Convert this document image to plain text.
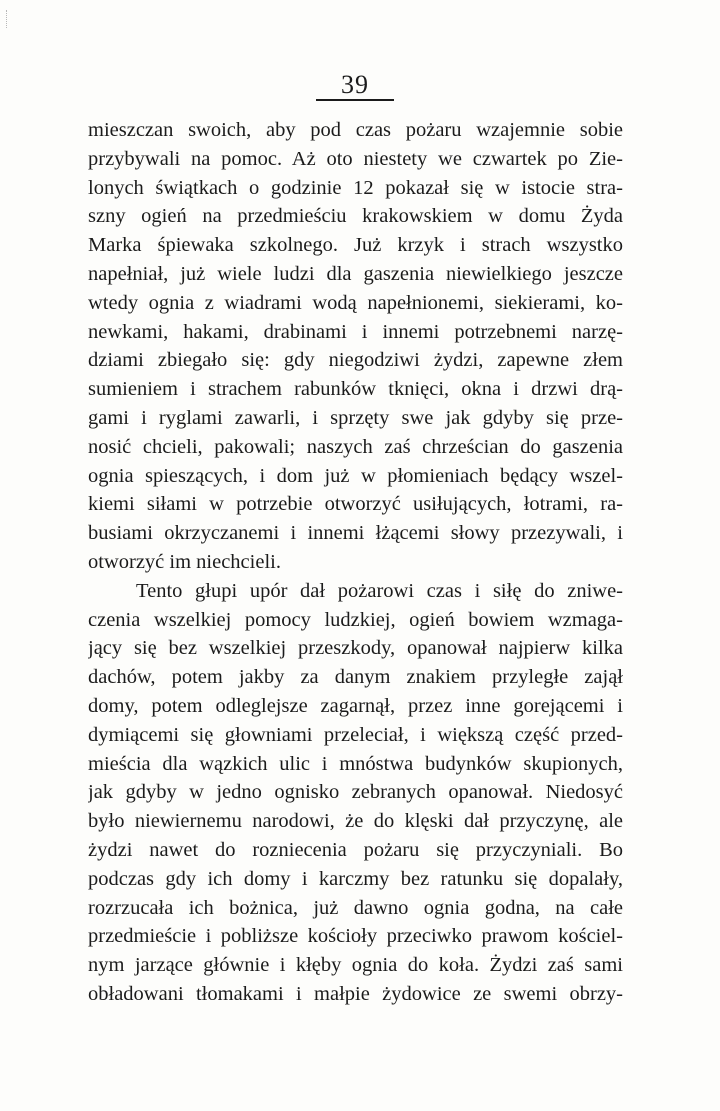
39
mieszczan swoich, aby pod czas pożaru wzajemnie sobie
przybywali na pomoc. Aż oto niestety we czwartek po Zie-
lonych świątkach o godzinie 12 pokazał się w istocie stra-
szny ogień na przedmieściu krakowskiem w domu Żyda
Marka śpiewaka szkolnego. Już krzyk i strach wszystko
napełniał, już wiele ludzi dla gaszenia niewielkiego jeszcze
wtedy ognia z wiadrami wodą napełnionemi, siekierami, ko-
newkami, hakami, drabinami i innemi potrzebnemi narzę-
dziami zbiegało się: gdy niegodziwi żydzi, zapewne złem
sumieniem i strachem rabunków tknięci, okna i drzwi drą-
gami i ryglami zawarli, i sprzęty swe jak gdyby się prze-
nosić chcieli, pakowali; naszych zaś chrześcian do gaszenia
ognia spieszących, i dom już w płomieniach będący wszel-
kiemi siłami w potrzebie otworzyć usiłujących, łotrami, ra-
busiami okrzyczanemi i innemi łżącemi słowy przezywali, i
otworzyć im niechcieli.
Tento głupi upór dał pożarowi czas i siłę do zniwe-
czenia wszelkiej pomocy ludzkiej, ogień bowiem wzmaga-
jący się bez wszelkiej przeszkody, opanował najpierw kilka
dachów, potem jakby za danym znakiem przyległe zajął
domy, potem odleglejsze zagarnął, przez inne gorejącemi i
dymiącemi się głowniami przeleciał, i większą część przed-
mieścia dla wązkich ulic i mnóstwa budynków skupionych,
jak gdyby w jedno ognisko zebranych opanował. Niedosyć
było niewiernemu narodowi, że do klęski dał przyczynę, ale
żydzi nawet do rozniecenia pożaru się przyczyniali. Bo
podczas gdy ich domy i karczmy bez ratunku się dopalały,
rozrzucała ich bożnica, już dawno ognia godna, na całe
przedmieście i pobliższe kościoły przeciwko prawom kościel-
nym jarzące głównie i kłęby ognia do koła. Żydzi zaś sami
obładowani tłomakami i małpie żydowice ze swemi obrzy-
